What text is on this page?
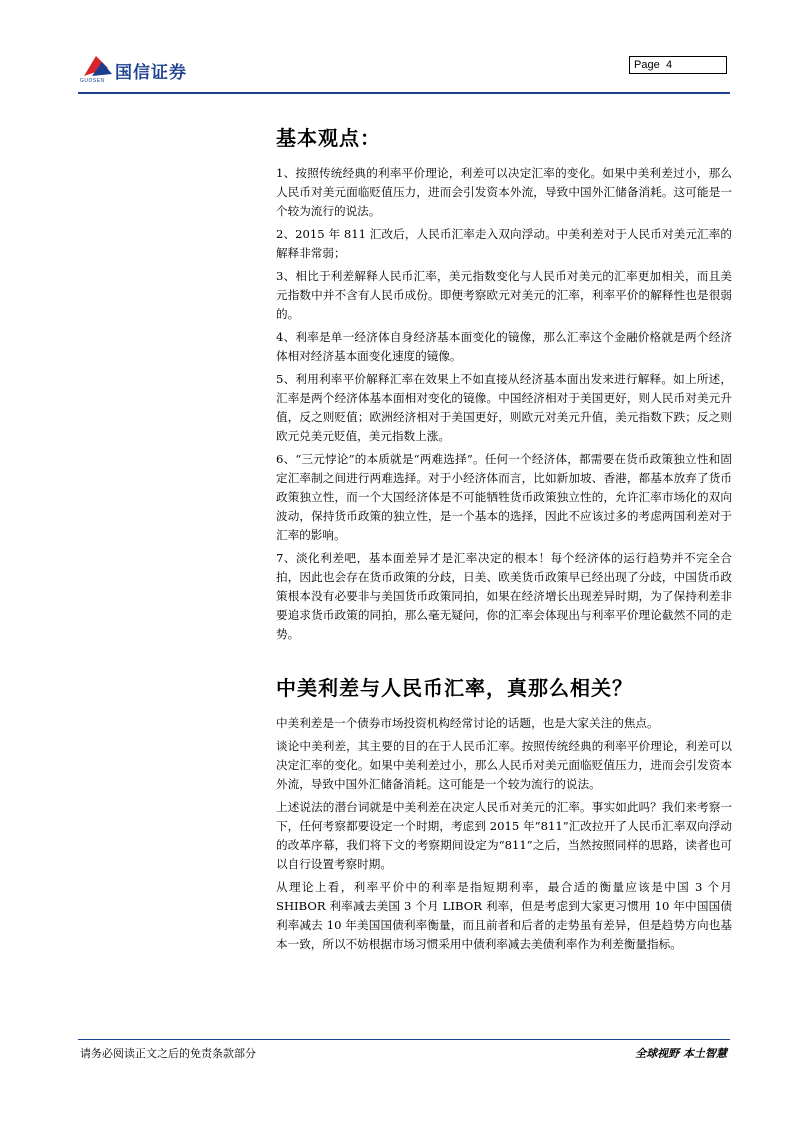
国信证券
GUOSEN
Page 4
基本观点：

1、按照传统经典的利率平价理论，利差可以决定汇率的变化。如果中美利差过小，那么人民币对美元面临贬值压力，进而会引发资本外流，导致中国外汇储备消耗。这可能是一个较为流行的说法。

2、2015 年 811 汇改后，人民币汇率走入双向浮动。中美利差对于人民币对美元汇率的解释非常弱；

3、相比于利差解释人民币汇率，美元指数变化与人民币对美元的汇率更加相关，而且美元指数中并不含有人民币成份。即便考察欧元对美元的汇率，利率平价的解释性也是很弱的。

4、利率是单一经济体自身经济基本面变化的镜像，那么汇率这个金融价格就是两个经济体相对经济基本面变化速度的镜像。

5、利用利率平价解释汇率在效果上不如直接从经济基本面出发来进行解释。如上所述，汇率是两个经济体基本面相对变化的镜像。中国经济相对于美国更好，则人民币对美元升值，反之则贬值；欧洲经济相对于美国更好，则欧元对美元升值，美元指数下跌；反之则欧元兑美元贬值，美元指数上涨。

6、“三元悖论”的本质就是“两难选择”。任何一个经济体，都需要在货币政策独立性和固定汇率制之间进行两难选择。对于小经济体而言，比如新加坡、香港，都基本放弃了货币政策独立性，而一个大国经济体是不可能牺牲货币政策独立性的，允许汇率市场化的双向波动，保持货币政策的独立性，是一个基本的选择，因此不应该过多的考虑两国利差对于汇率的影响。

7、淡化利差吧，基本面差异才是汇率决定的根本！每个经济体的运行趋势并不完全合拍，因此也会存在货币政策的分歧，日美、欧美货币政策早已经出现了分歧，中国货币政策根本没有必要非与美国货币政策同拍，如果在经济增长出现差异时期，为了保持利差非要追求货币政策的同拍，那么毫无疑问，你的汇率会体现出与利率平价理论截然不同的走势。

中美利差与人民币汇率，真那么相关？

中美利差是一个债券市场投资机构经常讨论的话题，也是大家关注的焦点。

谈论中美利差，其主要的目的在于人民币汇率。按照传统经典的利率平价理论，利差可以决定汇率的变化。如果中美利差过小，那么人民币对美元面临贬值压力，进而会引发资本外流，导致中国外汇储备消耗。这可能是一个较为流行的说法。

上述说法的潜台词就是中美利差在决定人民币对美元的汇率。事实如此吗？我们来考察一下，任何考察都要设定一个时期，考虑到 2015 年“811”汇改拉开了人民币汇率双向浮动的改革序幕，我们将下文的考察期间设定为“811”之后，当然按照同样的思路，读者也可以自行设置考察时期。

从理论上看，利率平价中的利率是指短期利率，最合适的衡量应该是中国 3 个月 SHIBOR 利率减去美国 3 个月 LIBOR 利率，但是考虑到大家更习惯用 10 年中国国债利率减去 10 年美国国债利率衡量，而且前者和后者的走势虽有差异，但是趋势方向也基本一致，所以不妨根据市场习惯采用中债利率减去美债利率作为利差衡量指标。

请务必阅读正文之后的免责条款部分	全球视野 本土智慧
